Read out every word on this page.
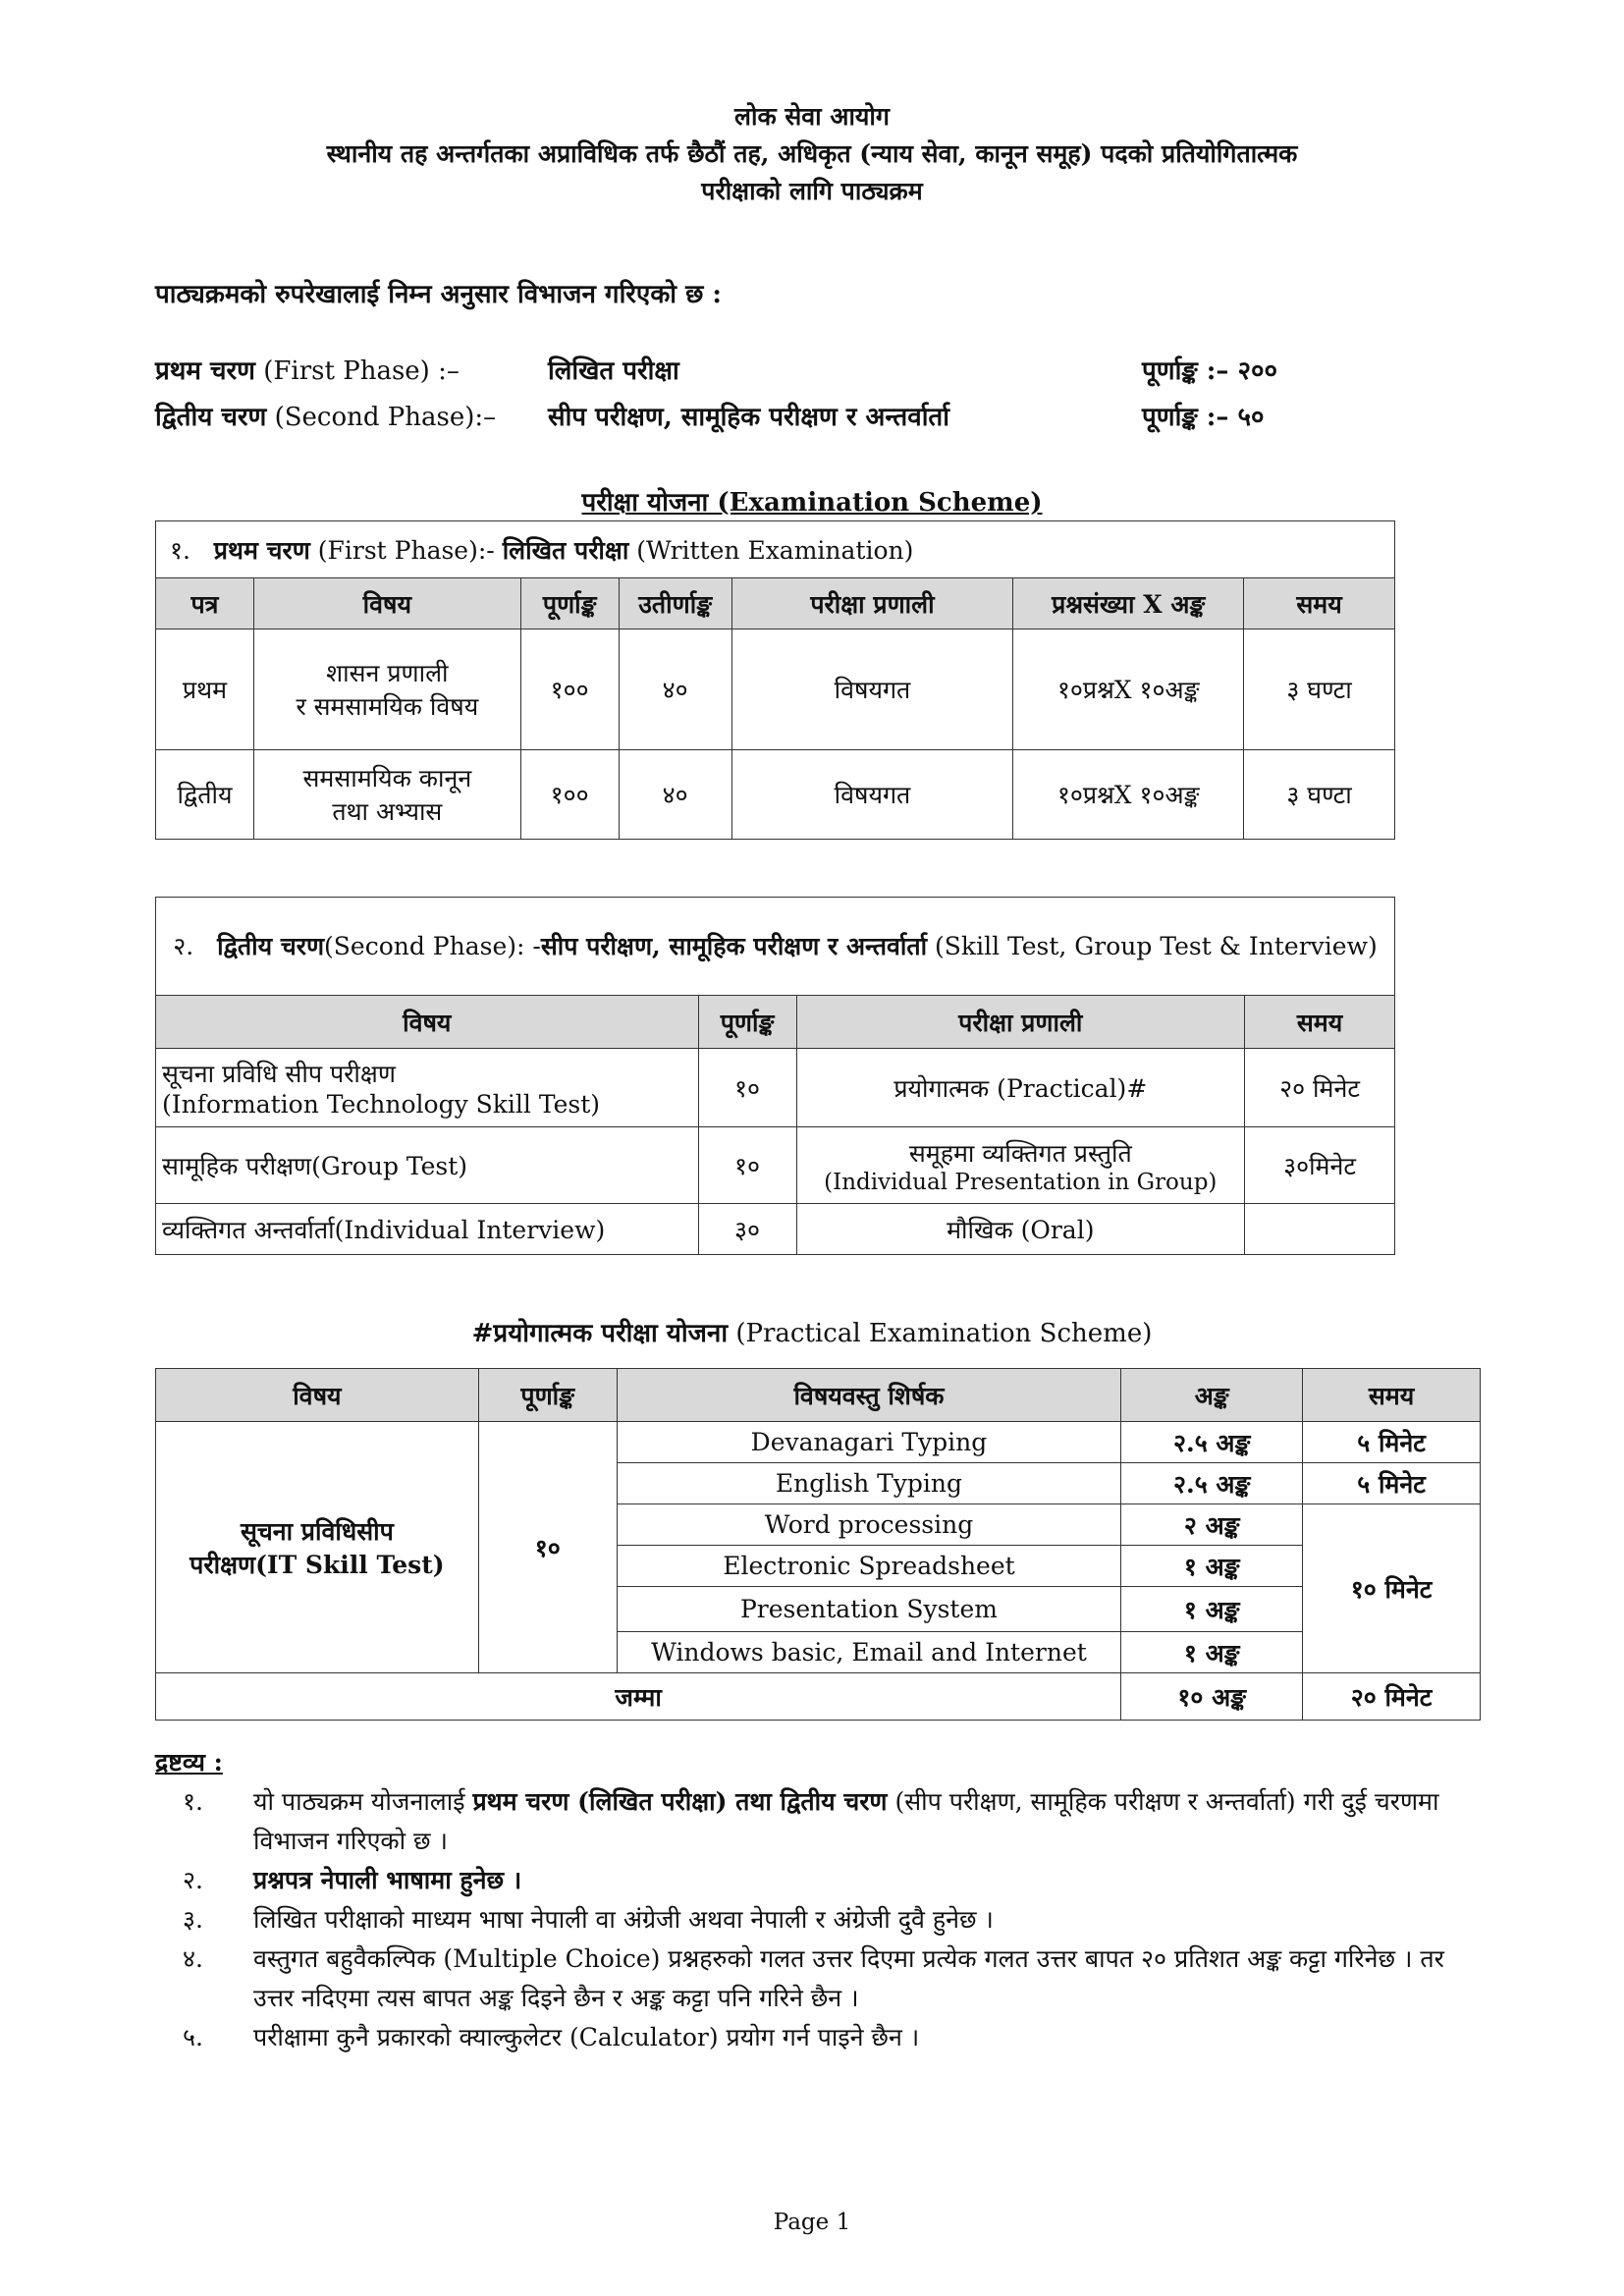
लोक सेवा आयोग
स्थानीय तह अन्तर्गतका अप्राविधिक तर्फ छैठौं तह, अधिकृत (न्याय सेवा, कानून समूह) पदको प्रतियोगितात्मक
परीक्षाको लागि पाठ्यक्रम
पाठ्यक्रमको रुपरेखालाई निम्न अनुसार विभाजन गरिएको छ :
प्रथम चरण (First Phase) :–	लिखित परीक्षा	पूर्णाङ्क :– २००
द्वितीय चरण (Second Phase):– सीप परीक्षण, सामूहिक परीक्षण र अन्तर्वार्ता	पूर्णाङ्क :– ५०
परीक्षा योजना (Examination Scheme)
१. प्रथम चरण (First Phase):- लिखित परीक्षा (Written Examination)						
पत्र	विषय	पूर्णाङ्क	उतीर्णाङ्क	परीक्षा प्रणाली	प्रश्नसंख्या X अङ्क	समय
प्रथम	शासन प्रणाली
र समसामयिक विषय	१००	४०	विषयगत	१०प्रश्नX १०अङ्क	३ घण्टा
द्वितीय	समसामयिक कानून
तथा अभ्यास	१००	४०	विषयगत	१०प्रश्नX १०अङ्क	३ घण्टा
२. द्वितीय चरण(Second Phase): -सीप परीक्षण, सामूहिक परीक्षण र अन्तर्वार्ता (Skill Test, Group Test & Interview)			
विषय	पूर्णाङ्क	परीक्षा प्रणाली	समय

सूचना प्रविधि सीप परीक्षण
(Information Technology Skill Test)	१०	प्रयोगात्मक (Practical)#	२० मिनेट
सामूहिक परीक्षण(Group Test)	१०	समूहमा व्यक्तिगत प्रस्तुति
(Individual Presentation in Group)	३०मिनेट
व्यक्तिगत अन्तर्वार्ता(Individual Interview)	३०	मौखिक (Oral)	
#प्रयोगात्मक परीक्षा योजना (Practical Examination Scheme)
विषय	पूर्णाङ्क	विषयवस्तु शिर्षक	अङ्क	समय

सूचना प्रविधिसीप
परीक्षण(IT Skill Test)	१०	Devanagari Typing	२.५ अङ्क	५ मिनेट
		English Typing	२.५ अङ्क	५ मिनेट
		Word processing	२ अङ्क	१० मिनेट
		Electronic Spreadsheet	१ अङ्क	
		Presentation System	१ अङ्क	
		Windows basic, Email and Internet	१ अङ्क	
जम्मा			१० अङ्क	२० मिनेट
द्रष्टव्य :

१. यो पाठ्यक्रम योजनालाई प्रथम चरण (लिखित परीक्षा) तथा द्वितीय चरण (सीप परीक्षण, सामूहिक परीक्षण र अन्तर्वार्ता) गरी दुई चरणमा विभाजन गरिएको छ ।

२. प्रश्नपत्र नेपाली भाषामा हुनेछ ।

३. लिखित परीक्षाको माध्यम भाषा नेपाली वा अंग्रेजी अथवा नेपाली र अंग्रेजी दुवै हुनेछ ।

४. वस्तुगत बहुवैकल्पिक (Multiple Choice) प्रश्नहरुको गलत उत्तर दिएमा प्रत्येक गलत उत्तर बापत २० प्रतिशत अङ्क कट्टा गरिनेछ । तर उत्तर नदिएमा त्यस बापत अङ्क दिइने छैन र अङ्क कट्टा पनि गरिने छैन ।

५. परीक्षामा कुनै प्रकारको क्याल्कुलेटर (Calculator) प्रयोग गर्न पाइने छैन ।

Page 1
